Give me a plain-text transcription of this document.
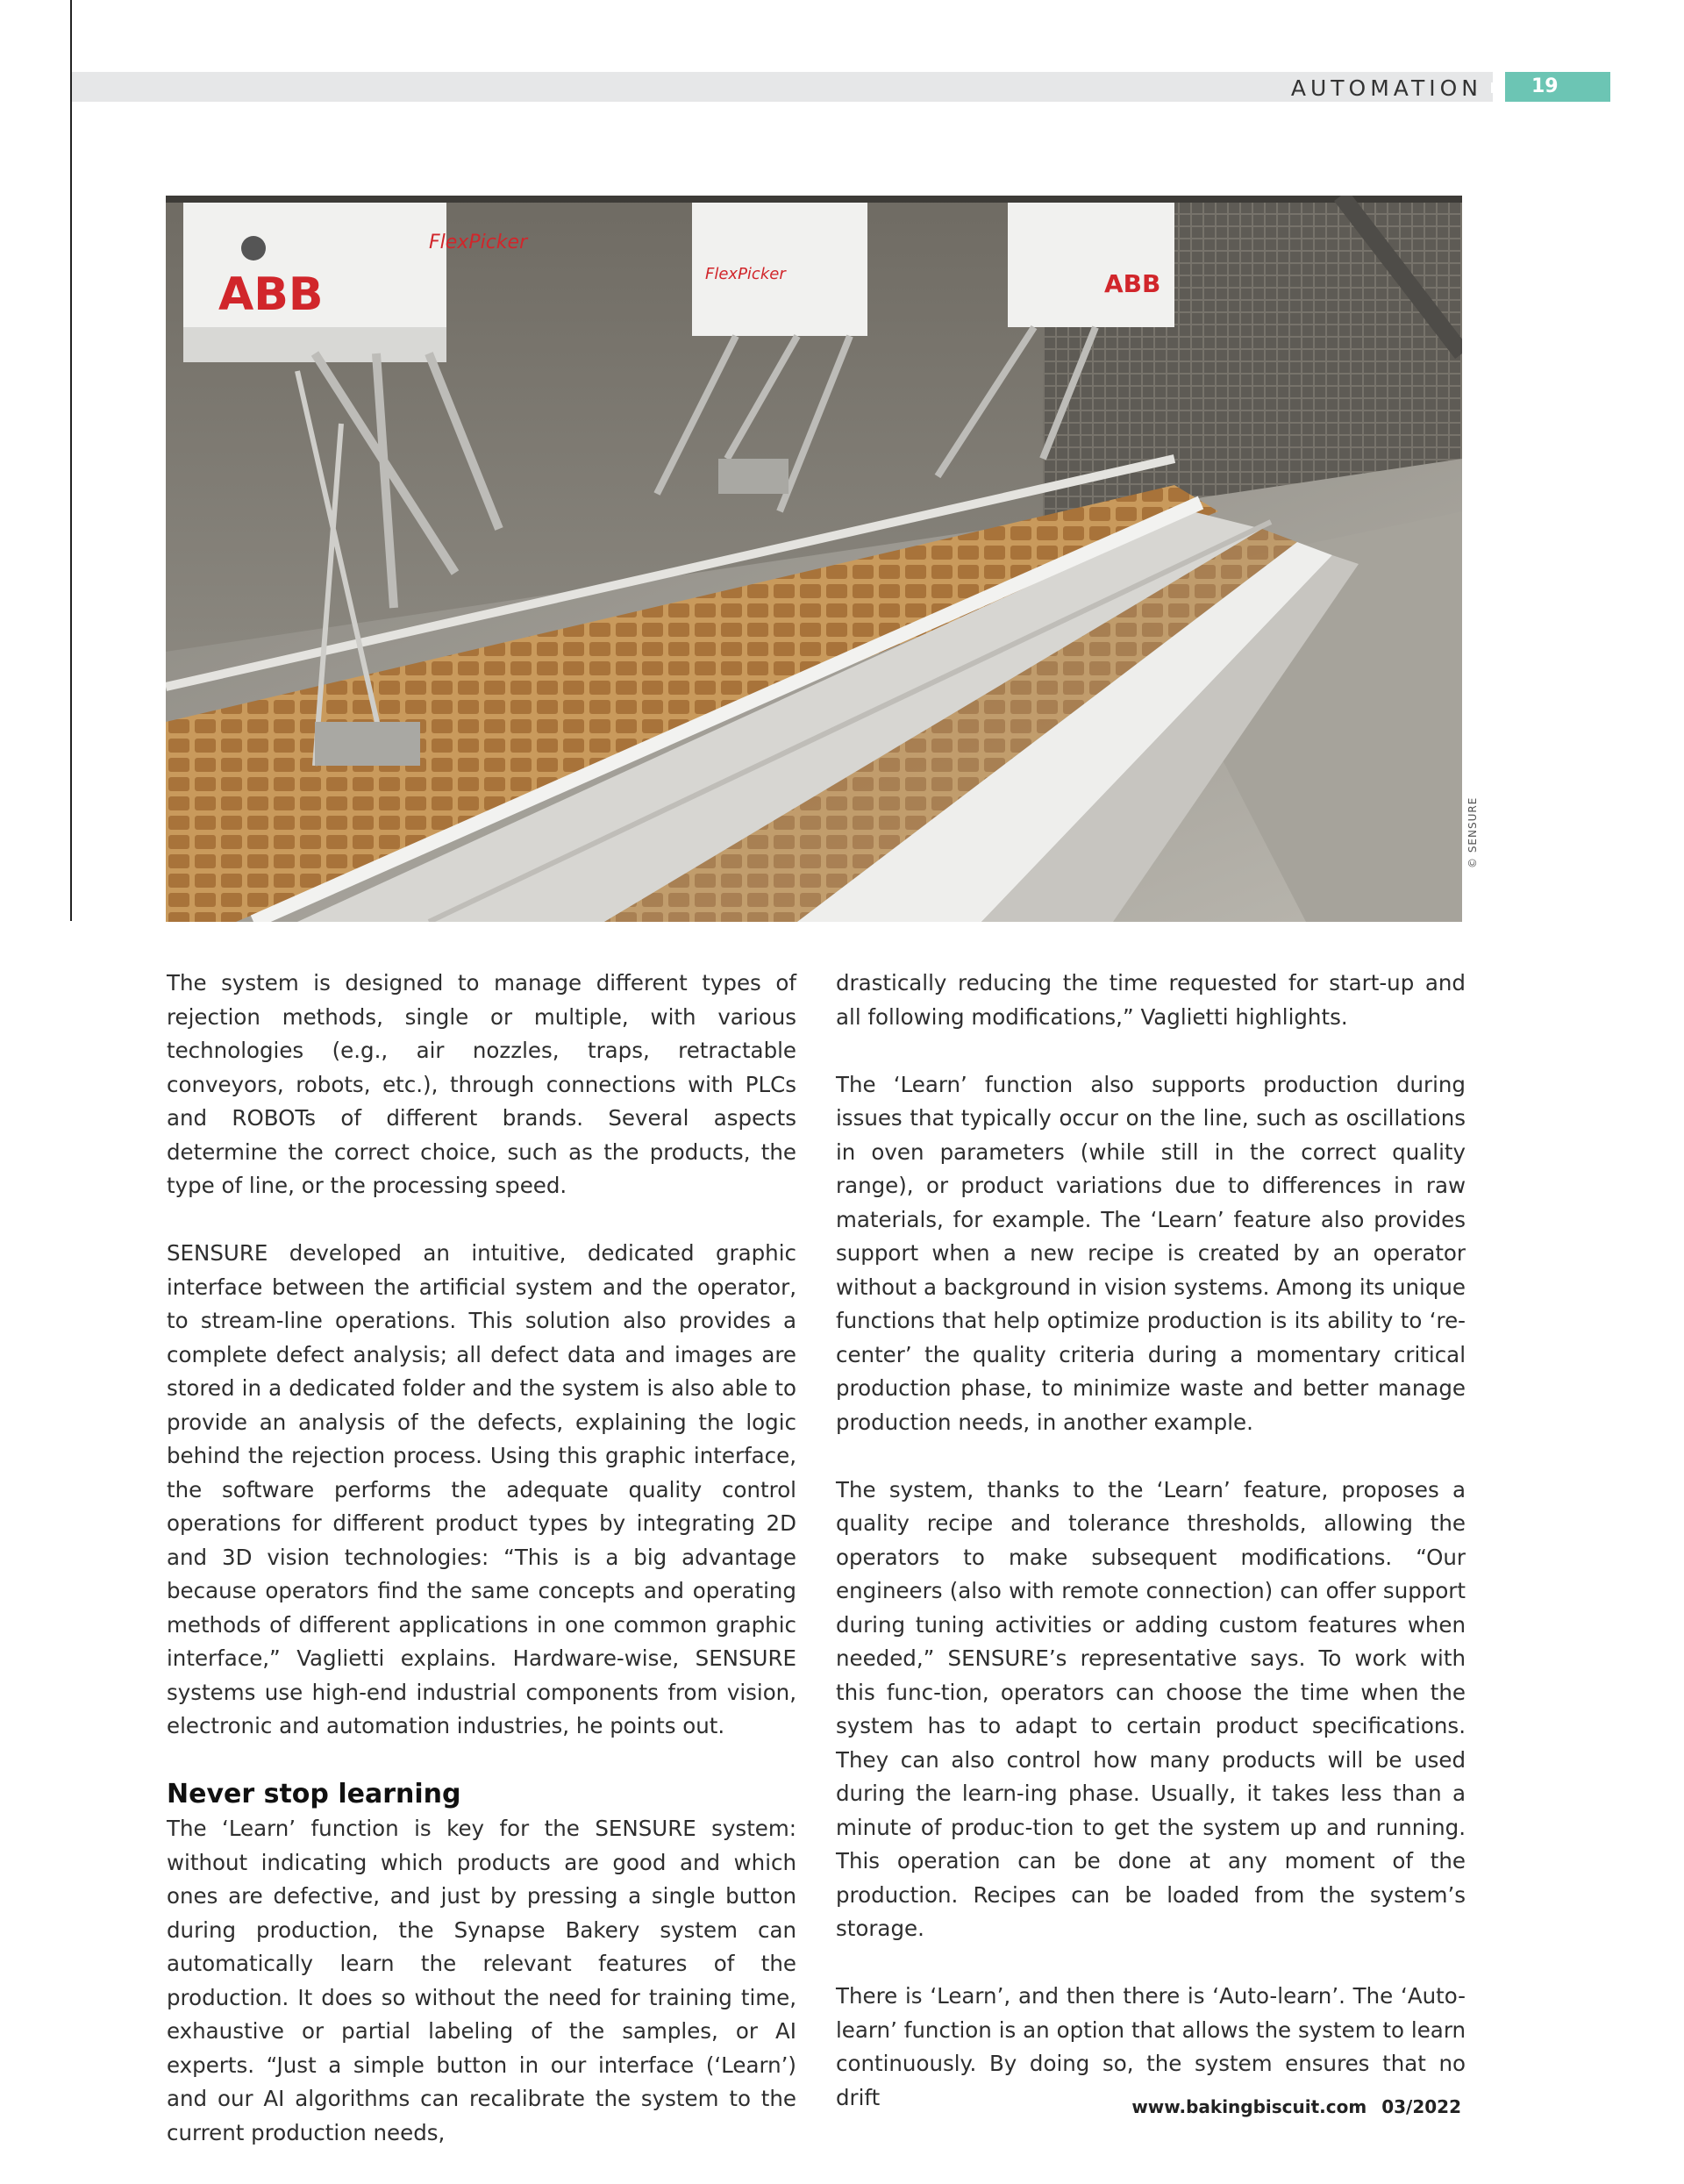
AUTOMATION	19
ABB
FlexPicker
FlexPicker	ABB
© SENSURE

The system is designed to manage different types of rejection methods, single or multiple, with various technologies (e.g., air nozzles, traps, retractable conveyors, robots, etc.), through connections with PLCs and ROBOTs of different brands. Several aspects determine the correct choice, such as the products, the type of line, or the processing speed.

SENSURE developed an intuitive, dedicated graphic interface between the artificial system and the operator, to stream-line operations. This solution also provides a complete defect analysis; all defect data and images are stored in a dedicated folder and the system is also able to provide an analysis of the defects, explaining the logic behind the rejection process. Using this graphic interface, the software performs the adequate quality control operations for different product types by integrating 2D and 3D vision technologies: “This is a big advantage because operators find the same concepts and operating methods of different applications in one common graphic interface,” Vaglietti explains. Hardware-wise, SENSURE systems use high-end industrial components from vision, electronic and automation industries, he points out.

Never stop learning

The ‘Learn’ function is key for the SENSURE system: without indicating which products are good and which ones are defective, and just by pressing a single button during production, the Synapse Bakery system can automatically learn the relevant features of the production. It does so without the need for training time, exhaustive or partial labeling of the samples, or AI experts. “Just a simple button in our interface (‘Learn’) and our AI algorithms can recalibrate the system to the current production needs,

drastically reducing the time requested for start-up and all following modifications,” Vaglietti highlights.

The ‘Learn’ function also supports production during issues that typically occur on the line, such as oscillations in oven parameters (while still in the correct quality range), or product variations due to differences in raw materials, for example. The ‘Learn’ feature also provides support when a new recipe is created by an operator without a background in vision systems. Among its unique functions that help optimize production is its ability to ‘re-center’ the quality criteria during a momentary critical production phase, to minimize waste and better manage production needs, in another example.

The system, thanks to the ‘Learn’ feature, proposes a quality recipe and tolerance thresholds, allowing the operators to make subsequent modifications. “Our engineers (also with remote connection) can offer support during tuning activities or adding custom features when needed,” SENSURE’s representative says. To work with this func-tion, operators can choose the time when the system has to adapt to certain product specifications. They can also control how many products will be used during the learn-ing phase. Usually, it takes less than a minute of produc-tion to get the system up and running. This operation can be done at any moment of the production. Recipes can be loaded from the system’s storage.

There is ‘Learn’, and then there is ‘Auto-learn’. The ‘Auto-learn’ function is an option that allows the system to learn continuously. By doing so, the system ensures that no drift	www.bakingbiscuit.com 03/2022
